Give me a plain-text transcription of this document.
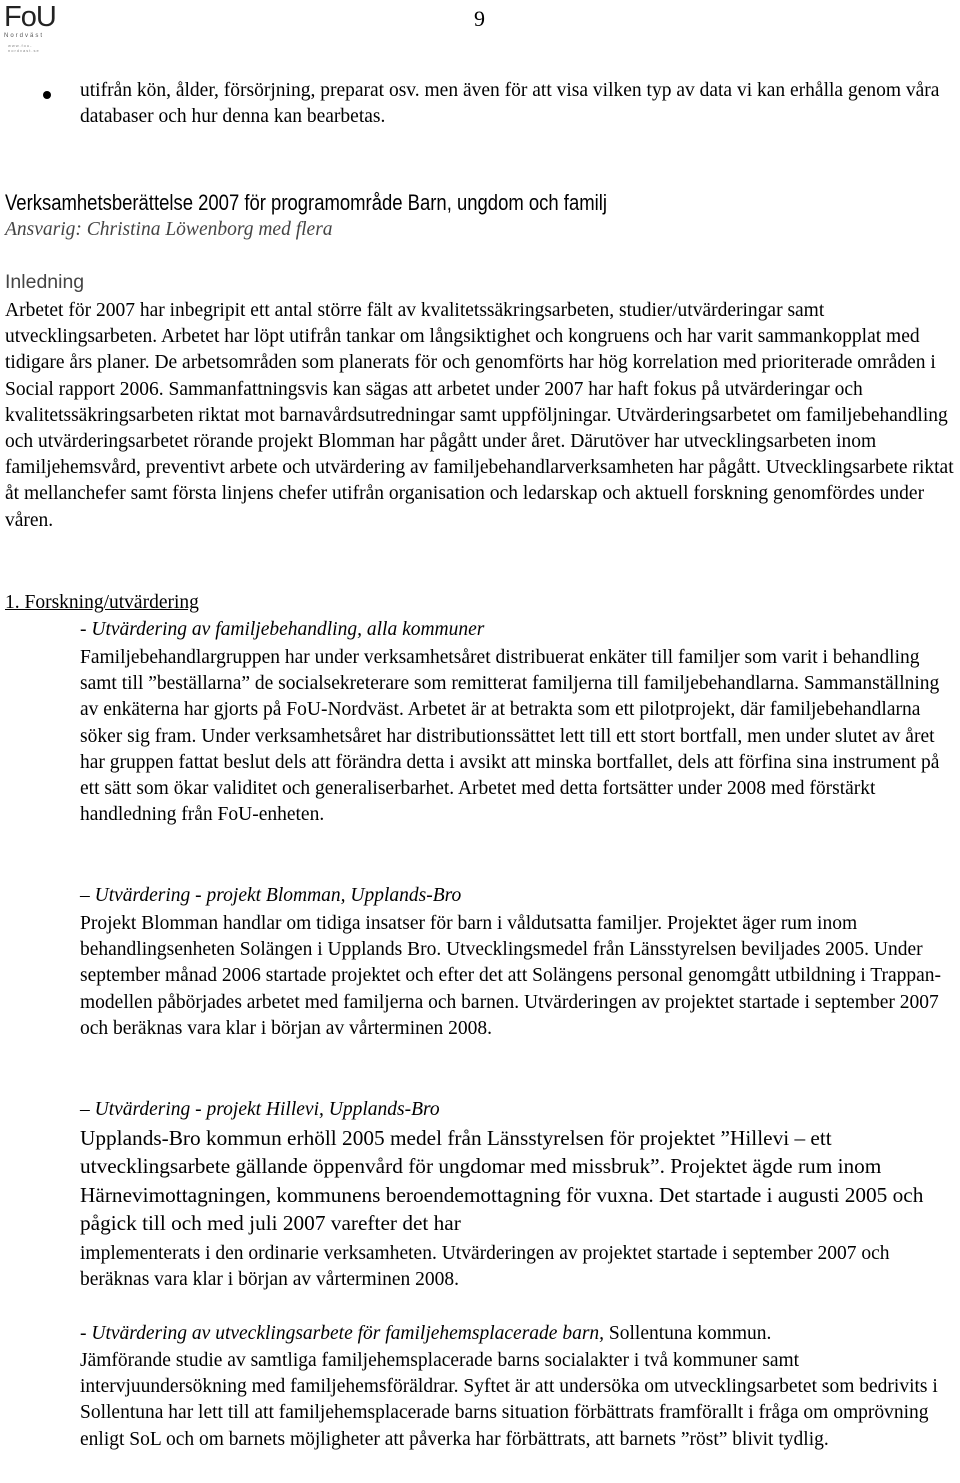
FoU
Nordväst
www.fou-nordvast.se
9
utifrån kön, ålder, försörjning, preparat osv. men även för att visa vilken typ av data vi kan erhålla genom våra databaser och hur denna kan bearbetas.
Verksamhetsberättelse 2007 för programområde Barn, ungdom och familj
Ansvarig: Christina Löwenborg med flera
Inledning
Arbetet för 2007 har inbegripit ett antal större fält av kvalitetssäkringsarbeten, studier/utvärderingar samt utvecklingsarbeten. Arbetet har löpt utifrån tankar om långsiktighet och kongruens och har varit sammankopplat med tidigare års planer. De arbetsområden som planerats för och genomförts har hög korrelation med prioriterade områden i Social rapport 2006. Sammanfattningsvis kan sägas att arbetet under 2007 har haft fokus på utvärderingar och kvalitetssäkringsarbeten riktat mot barnavårdsutredningar samt uppföljningar. Utvärderingsarbetet om familjebehandling och utvärderingsarbetet rörande projekt Blomman har pågått under året. Därutöver har utvecklingsarbeten inom familjehemsvård, preventivt arbete och utvärdering av familjebehandlarverksamheten har pågått. Utvecklingsarbete riktat åt mellanchefer samt första linjens chefer utifrån organisation och ledarskap och aktuell forskning genomfördes under våren.
1. Forskning/utvärdering
- Utvärdering av familjebehandling, alla kommuner
Familjebehandlargruppen har under verksamhetsåret distribuerat enkäter till familjer som varit i behandling samt till ”beställarna” de socialsekreterare som remitterat familjerna till familjebehandlarna. Sammanställning av enkäterna har gjorts på FoU-Nordväst. Arbetet är at betrakta som ett pilotprojekt, där familjebehandlarna söker sig fram. Under verksamhetsåret har distributionssättet lett till ett stort bortfall, men under slutet av året har gruppen fattat beslut dels att förändra detta i avsikt att minska bortfallet, dels att förfina sina instrument på ett sätt som ökar validitet och generaliserbarhet. Arbetet med detta fortsätter under 2008 med förstärkt handledning från FoU-enheten.
– Utvärdering - projekt Blomman, Upplands-Bro
Projekt Blomman handlar om tidiga insatser för barn i våldutsatta familjer. Projektet äger rum inom behandlingsenheten Solängen i Upplands Bro. Utvecklingsmedel från Länsstyrelsen beviljades 2005. Under september månad 2006 startade projektet och efter det att Solängens personal genomgått utbildning i Trappan-modellen påbörjades arbetet med familjerna och barnen. Utvärderingen av projektet startade i september 2007 och beräknas vara klar i början av vårterminen 2008.
– Utvärdering - projekt Hillevi, Upplands-Bro
Upplands-Bro kommun erhöll 2005 medel från Länsstyrelsen för projektet ”Hillevi – ett utvecklingsarbete gällande öppenvård för ungdomar med missbruk”. Projektet ägde rum inom Härnevimottagningen, kommunens beroendemottagning för vuxna. Det startade i augusti 2005 och pågick till och med juli 2007 varefter det har
implementerats i den ordinarie verksamheten. Utvärderingen av projektet startade i september 2007 och beräknas vara klar i början av vårterminen 2008.
- Utvärdering av utvecklingsarbete för familjehemsplacerade barn, Sollentuna kommun.
Jämförande studie av samtliga familjehemsplacerade barns socialakter i två kommuner samt intervjuundersökning med familjehemsföräldrar. Syftet är att undersöka om utvecklingsarbetet som bedrivits i Sollentuna har lett till att familjehemsplacerade barns situation förbättrats framförallt i fråga om omprövning enligt SoL och om barnets möjligheter att påverka har förbättrats, att barnets ”röst” blivit tydlig.
